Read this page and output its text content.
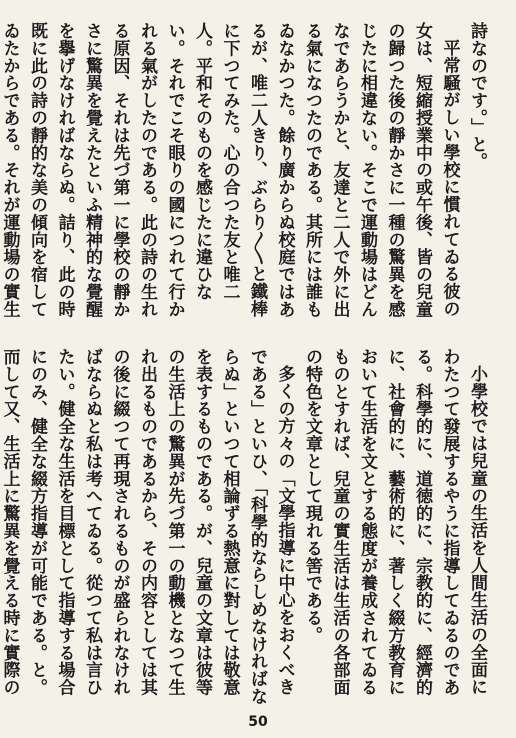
詩なのです。」と。

平常騒がしい學校に慣れてゐる彼の女は、短縮授業中の或午後、皆の兒童の歸つた後の靜かさに一種の驚異を感じたに相違ない。そこで運動場はどんなであらうかと、友達と二人で外に出る氣になつたのである。其所には誰もゐなかつた。餘り廣からぬ校庭ではあるが、唯二人きり、ぶらり〳〵と鐵棒に下つてみた。心の合つた友と唯二人。平和そのものを感じたに違ひない。それでこそ眼りの國につれて行かれる氣がしたのである。此の詩の生れる原因、それは先づ第一に學校の靜かさに驚異を覺えたといふ精神的な覺醒を擧げなければならぬ。詰り、此の時既に此の詩の靜的な美の傾向を宿してゐたからである。それが運動場の實生

小學校では兒童の生活を人間生活の全面にわたつて發展するやうに指導してゐるのである。科學的に、道徳的に、宗教的に、經濟的に、社會的に、藝術的に、著しく綴方教育において生活を文とする態度が養成されてゐるものとすれば、兒童の實生活は生活の各部面の特色を文章として現れる筈である。

多くの方々の「文學指導に中心をおくべきである」といひ、「科學的ならしめなければならぬ」といつて相論ずる熱意に對しては敬意を表するものである。が、兒童の文章は彼等の生活上の驚異が先づ第一の動機となつて生れ出るものであるから、その内容としては其の後に綴つて再現されるものが盛られなければならぬと私は考へてゐる。從つて私は言ひたい。健全な生活を目標として指導する場合にのみ、健全な綴方指導が可能である。と。而して又、生活上に驚異を覺える時に實際の

50
